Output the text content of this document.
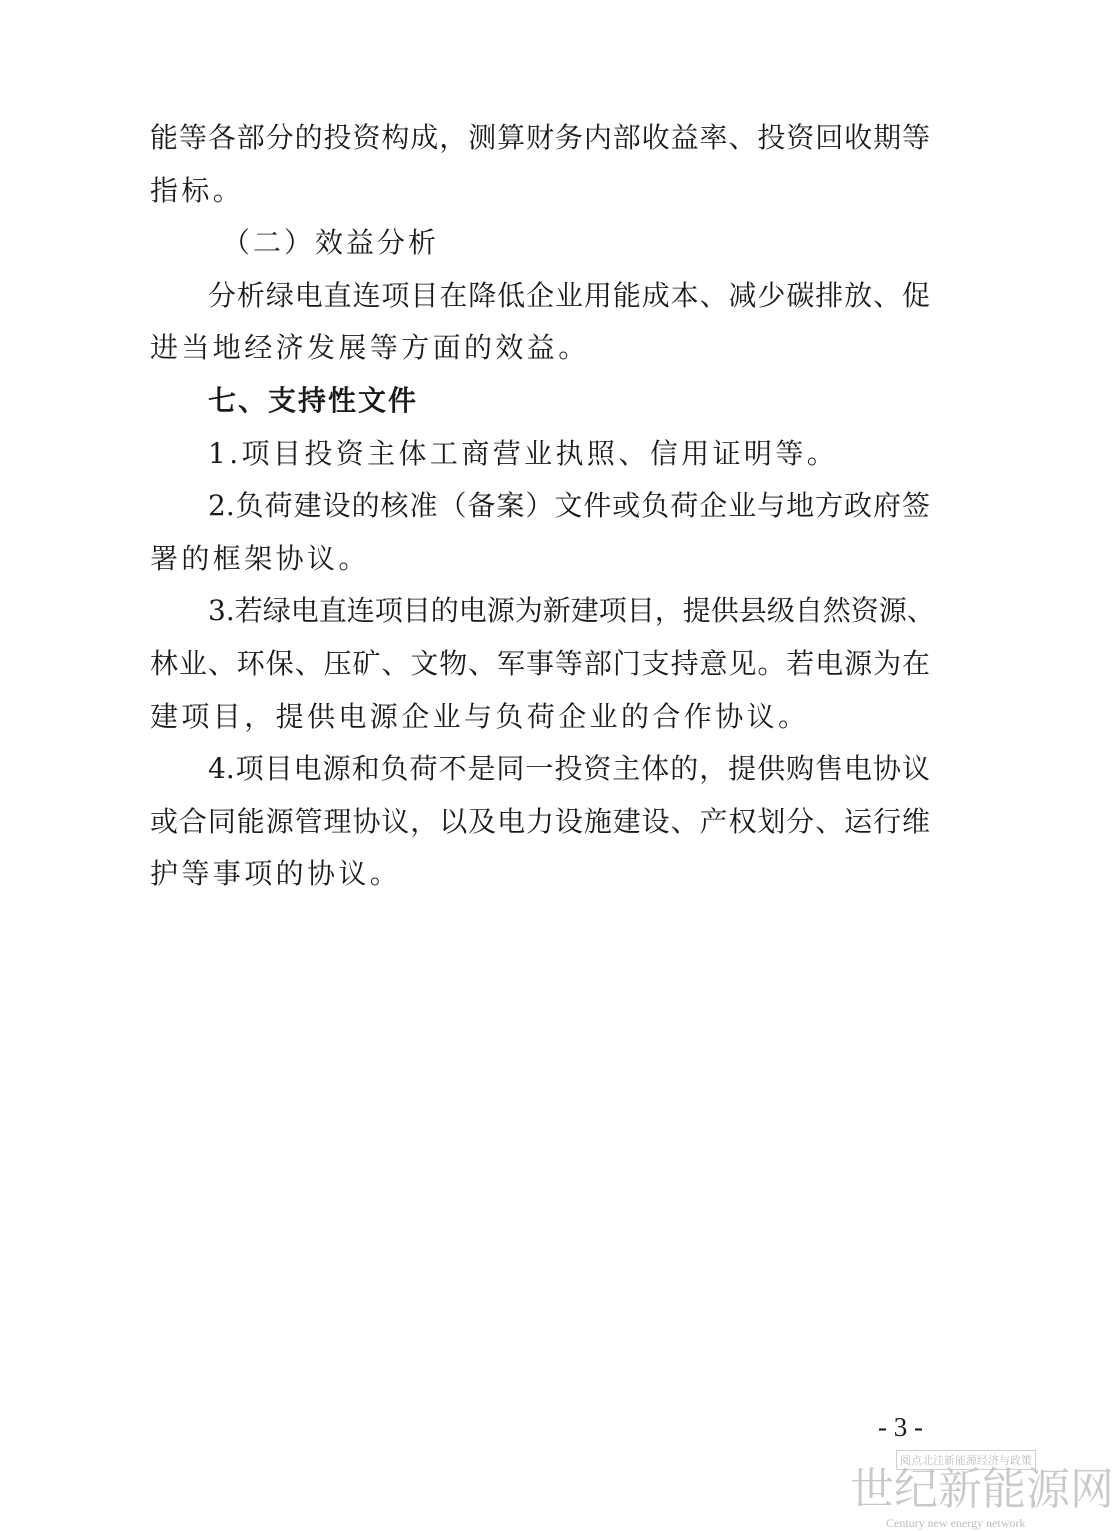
能等各部分的投资构成，测算财务内部收益率、投资回收期等
指标。
（二）效益分析
分析绿电直连项目在降低企业用能成本、减少碳排放、促
进当地经济发展等方面的效益。
七、支持性文件
1.项目投资主体工商营业执照、信用证明等。
2.负荷建设的核准（备案）文件或负荷企业与地方政府签
署的框架协议。
3.若绿电直连项目的电源为新建项目，提供县级自然资源、
林业、环保、压矿、文物、军事等部门支持意见。若电源为在
建项目，提供电源企业与负荷企业的合作协议。
4.项目电源和负荷不是同一投资主体的，提供购售电协议
或合同能源管理协议，以及电力设施建设、产权划分、运行维
护等事项的协议。
- 3 -
阅点北洼新能源经济与政策
世纪新能源网
Century new energy network
